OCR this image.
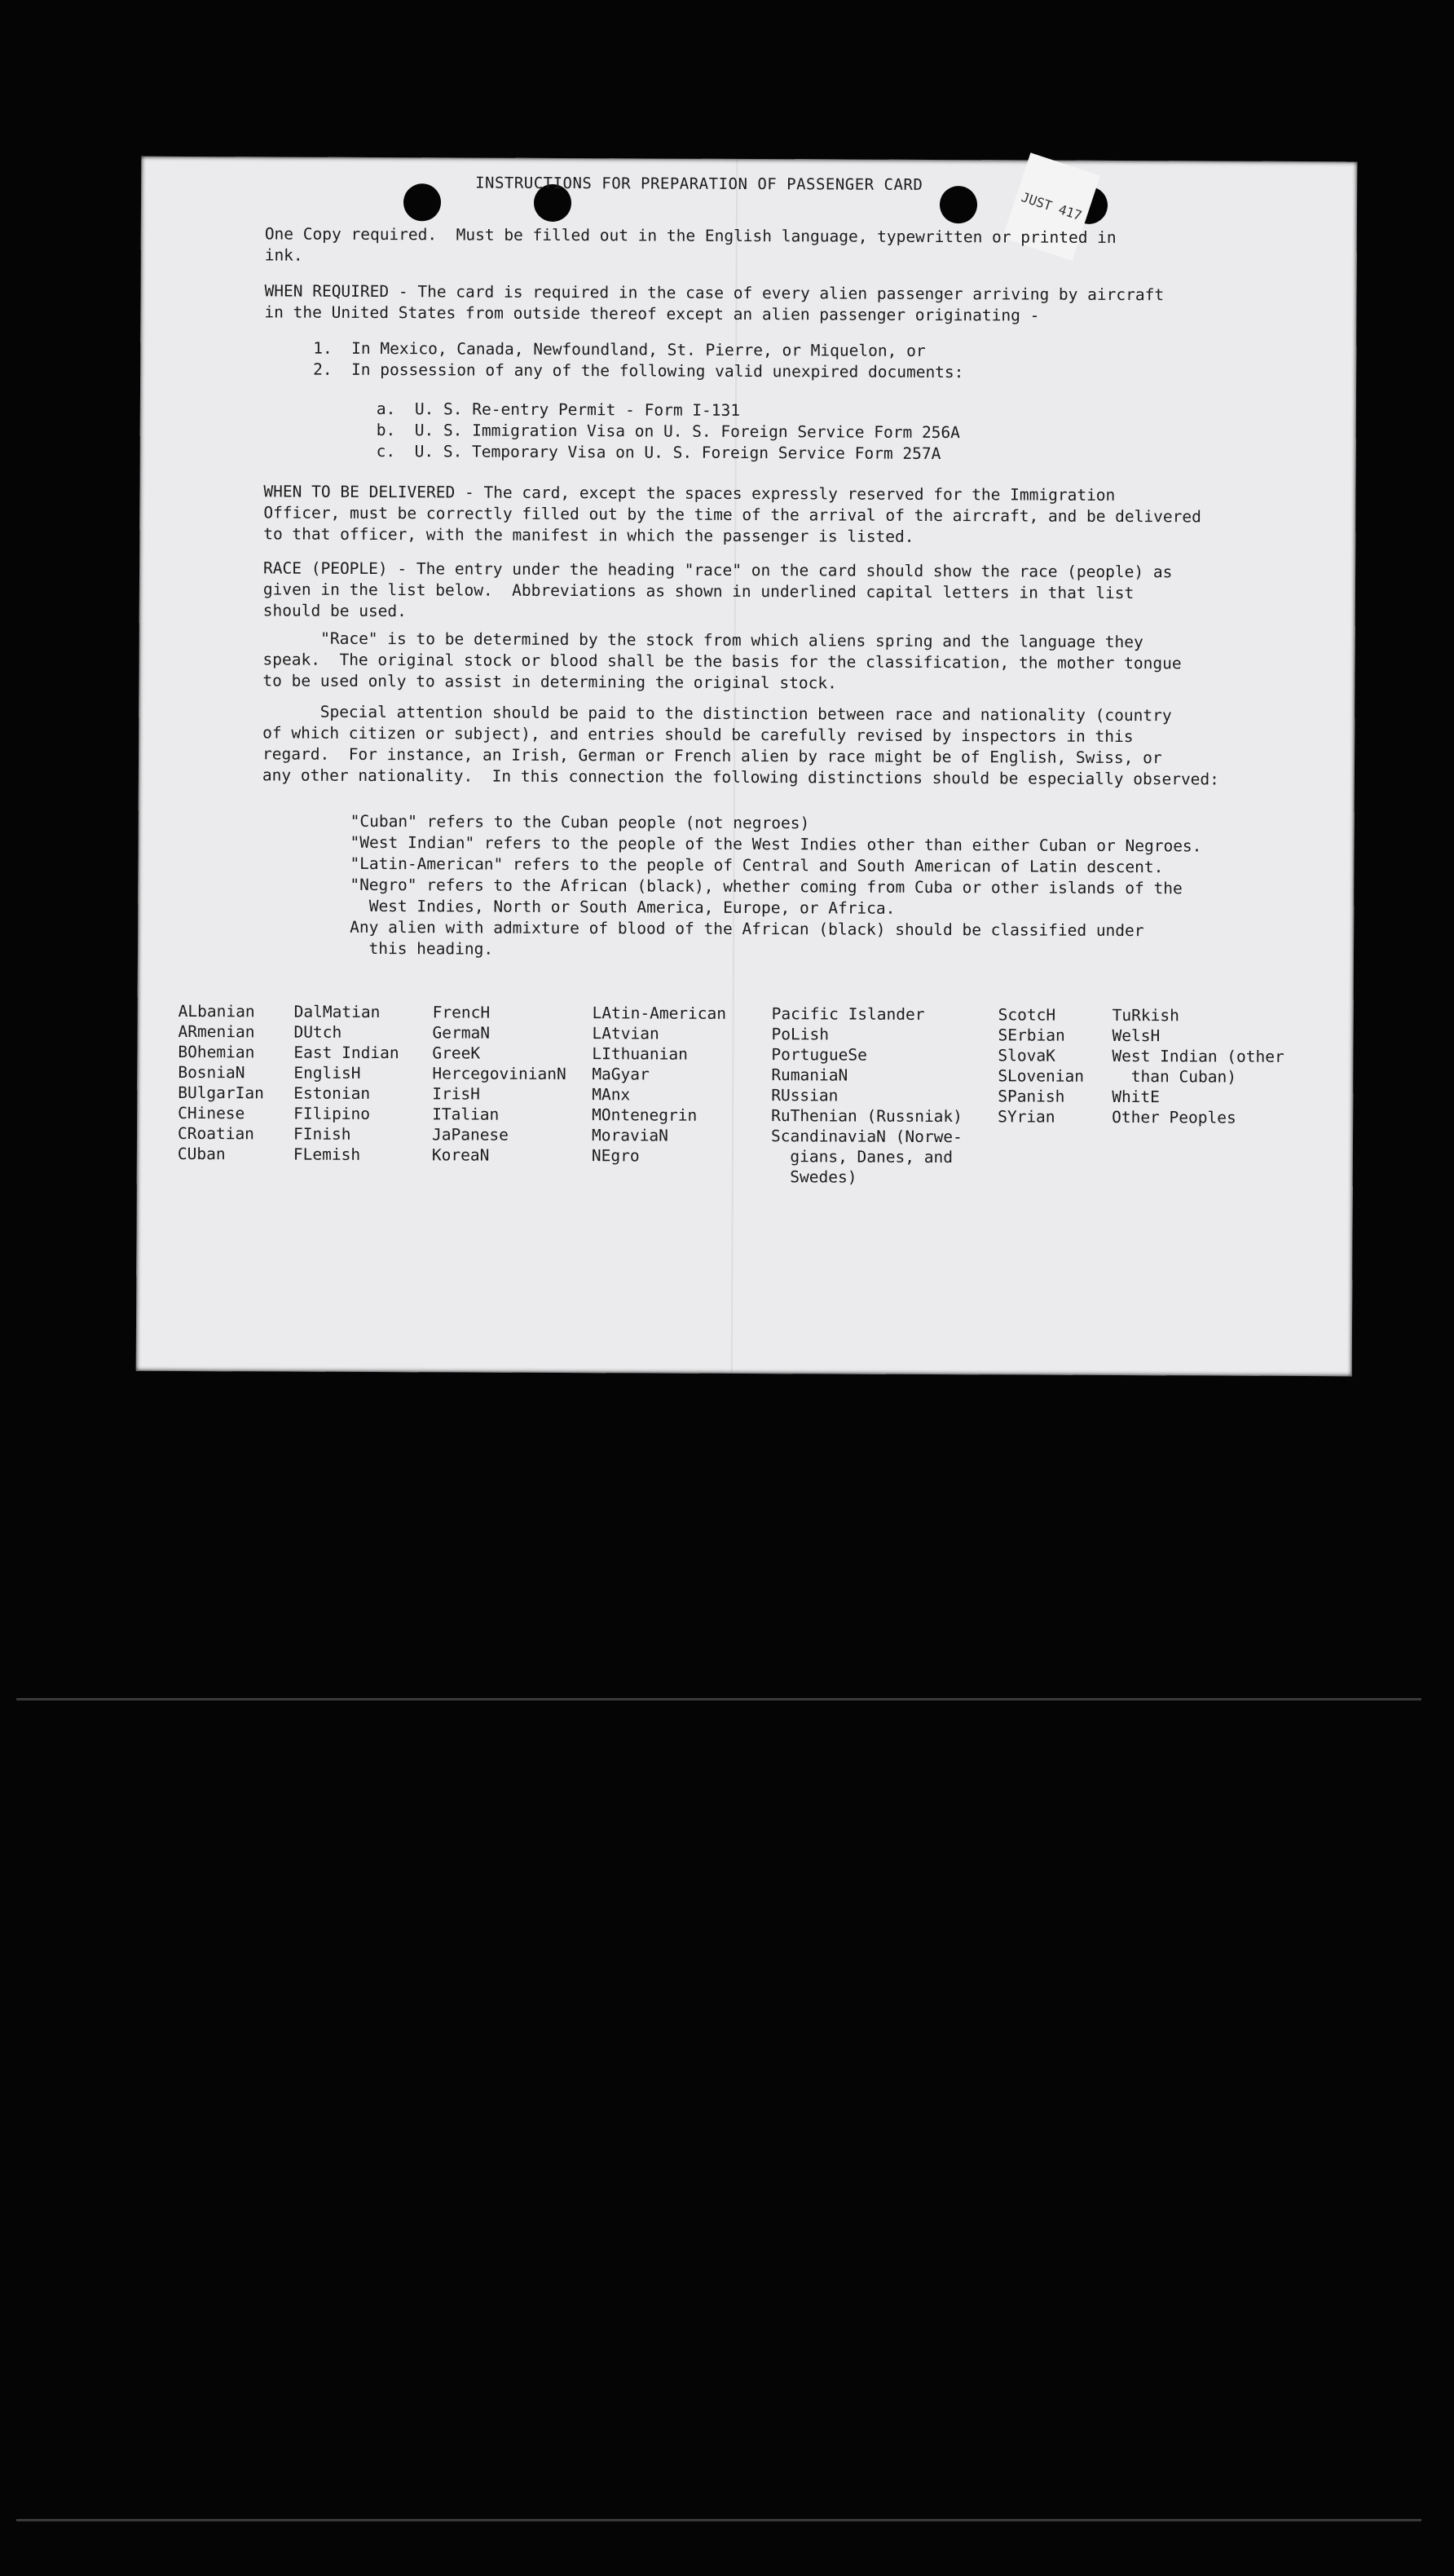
JUST 417
INSTRUCTIONS FOR PREPARATION OF PASSENGER CARD
One Copy required.  Must be filled out in the English language, typewritten or printed in
ink.
WHEN REQUIRED - The card is required in the case of every alien passenger arriving by aircraft
in the United States from outside thereof except an alien passenger originating -
1.  In Mexico, Canada, Newfoundland, St. Pierre, or Miquelon, or
2.  In possession of any of the following valid unexpired documents:
a.  U. S. Re-entry Permit - Form I-131
b.  U. S. Immigration Visa on U. S. Foreign Service Form 256A
c.  U. S. Temporary Visa on U. S. Foreign Service Form 257A
WHEN TO BE DELIVERED - The card, except the spaces expressly reserved for the Immigration
Officer, must be correctly filled out by the time of the arrival of the aircraft, and be delivered
to that officer, with the manifest in which the passenger is listed.
RACE (PEOPLE) - The entry under the heading "race" on the card should show the race (people) as
given in the list below.  Abbreviations as shown in underlined capital letters in that list
should be used.
"Race" is to be determined by the stock from which aliens spring and the language they
speak.  The original stock or blood shall be the basis for the classification, the mother tongue
to be used only to assist in determining the original stock.
Special attention should be paid to the distinction between race and nationality (country
of which citizen or subject), and entries should be carefully revised by inspectors in this
regard.  For instance, an Irish, German or French alien by race might be of English, Swiss, or
any other nationality.  In this connection the following distinctions should be especially observed:
"Cuban" refers to the Cuban people (not negroes)
"West Indian" refers to the people of the West Indies other than either Cuban or Negroes.
"Latin-American" refers to the people of Central and South American of Latin descent.
"Negro" refers to the African (black), whether coming from Cuba or other islands of the
West Indies, North or South America, Europe, or Africa.
Any alien with admixture of blood of the African (black) should be classified under
this heading.
ALbanian
ARmenian
BOhemian
BosniaN
BUlgarIan
CHinese
CRoatian
CUban
DalMatian
DUtch
East Indian
EnglisH
Estonian
FIlipino
FInish
FLemish
FrencH
GermaN
GreeK
HercegovinianN
IrisH
ITalian
JaPanese
KoreaN
LAtin-American
LAtvian
LIthuanian
MaGyar
MAnx
MOntenegrin
MoraviaN
NEgro
Pacific Islander
PoLish
PortugueSe
RumaniaN
RUssian
RuThenian (Russniak)
ScandinaviaN (Norwe-
gians, Danes, and
Swedes)
ScotcH
SErbian
SlovaK
SLovenian
SPanish
SYrian
TuRkish
WelsH
West Indian (other
than Cuban)
WhitE
Other Peoples
